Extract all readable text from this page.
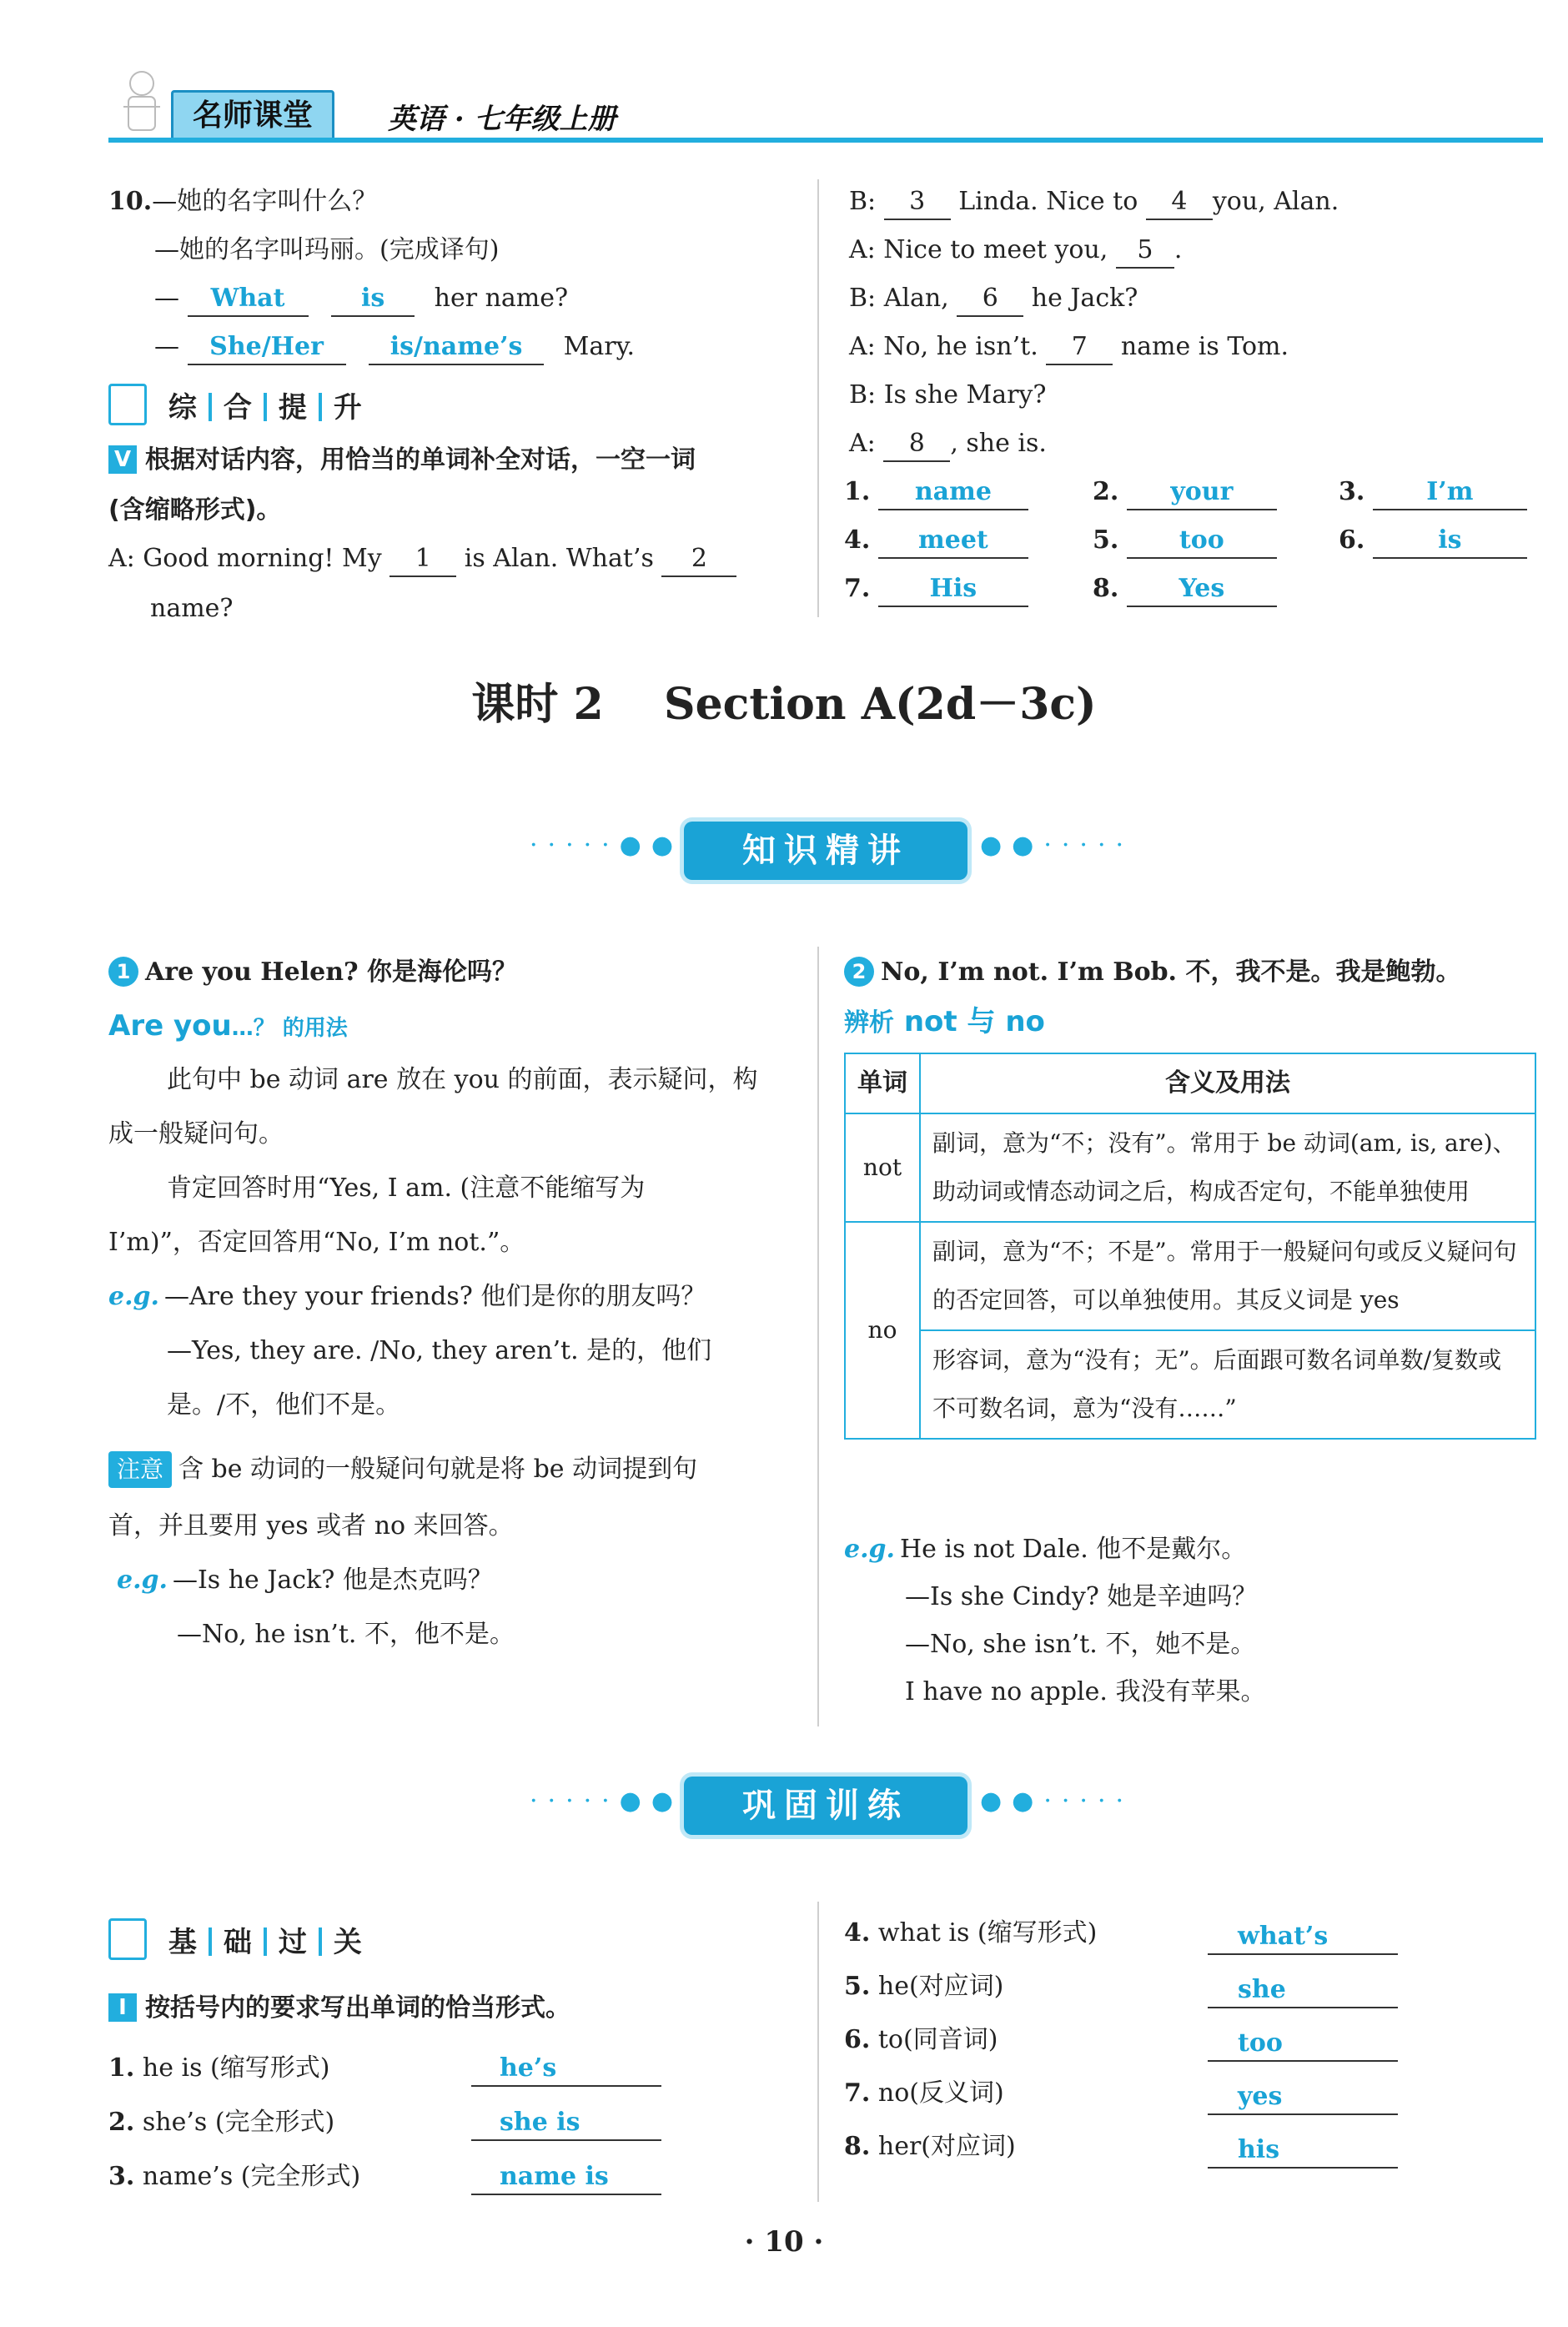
名师课堂	英语 · 七年级上册
10.—她的名字叫什么？
—她的名字叫玛丽。(完成译句)
— What	is her name?
— She/Her	is/name’s Mary.
综 合 提 升
V 根据对话内容，用恰当的单词补全对话，一空一词
(含缩略形式)。
A: Good morning! My 1 is Alan. What’s 2
name?
B: 3 Linda. Nice to 4 you, Alan.
A: Nice to meet you, 5 .
B: Alan, 6 he Jack?
A: No, he isn’t. 7 name is Tom.
B: Is she Mary?
A: 8 , she is.
1. name	2. your	3. I’m
4. meet	5. too	6.	is
7. His	8. Yes
课时 2    Section A(2d－3c)
·····●●	知识精讲	●●·····
1 Are you Helen? 你是海伦吗？
Are you…？ 的用法
此句中 be 动词 are 放在 you 的前面，表示疑问，构
成一般疑问句。
肯定回答时用“Yes, I am. (注意不能缩写为
I’m)”，否定回答用“No, I’m not.”。
e.g. —Are they your friends? 他们是你的朋友吗？
—Yes, they are. /No, they aren’t. 是的，他们
是。/不，他们不是。
注意 含 be 动词的一般疑问句就是将 be 动词提到句
首，并且要用 yes 或者 no 来回答。
e.g. —Is he Jack? 他是杰克吗？
—No, he isn’t. 不，他不是。
2 No, I’m not. I’m Bob. 不，我不是。我是鲍勃。
辨析 not 与 no
单词	含义及用法
not	副词，意为“不；没有”。常用于 be 动词(am, is, are)、助动词或情态动词之后，构成否定句，不能单独使用
no	副词，意为“不；不是”。常用于一般疑问句或反义疑问句的否定回答，可以单独使用。其反义词是 yes
	形容词，意为“没有；无”。后面跟可数名词单数/复数或不可数名词，意为“没有……”
e.g. He is not Dale. 他不是戴尔。
—Is she Cindy? 她是辛迪吗？
—No, she isn’t. 不，她不是。
I have no apple. 我没有苹果。
·····●●	巩固训练	●●·····
基 础 过 关
I 按括号内的要求写出单词的恰当形式。
1. he is (缩写形式)	he’s
2. she’s (完全形式)	she is
3. name’s (完全形式)	name is
4. what is (缩写形式)	what’s
5. he(对应词)	she
6. to(同音词)	too
7. no(反义词)	yes
8. her(对应词)	his
· 10 ·
